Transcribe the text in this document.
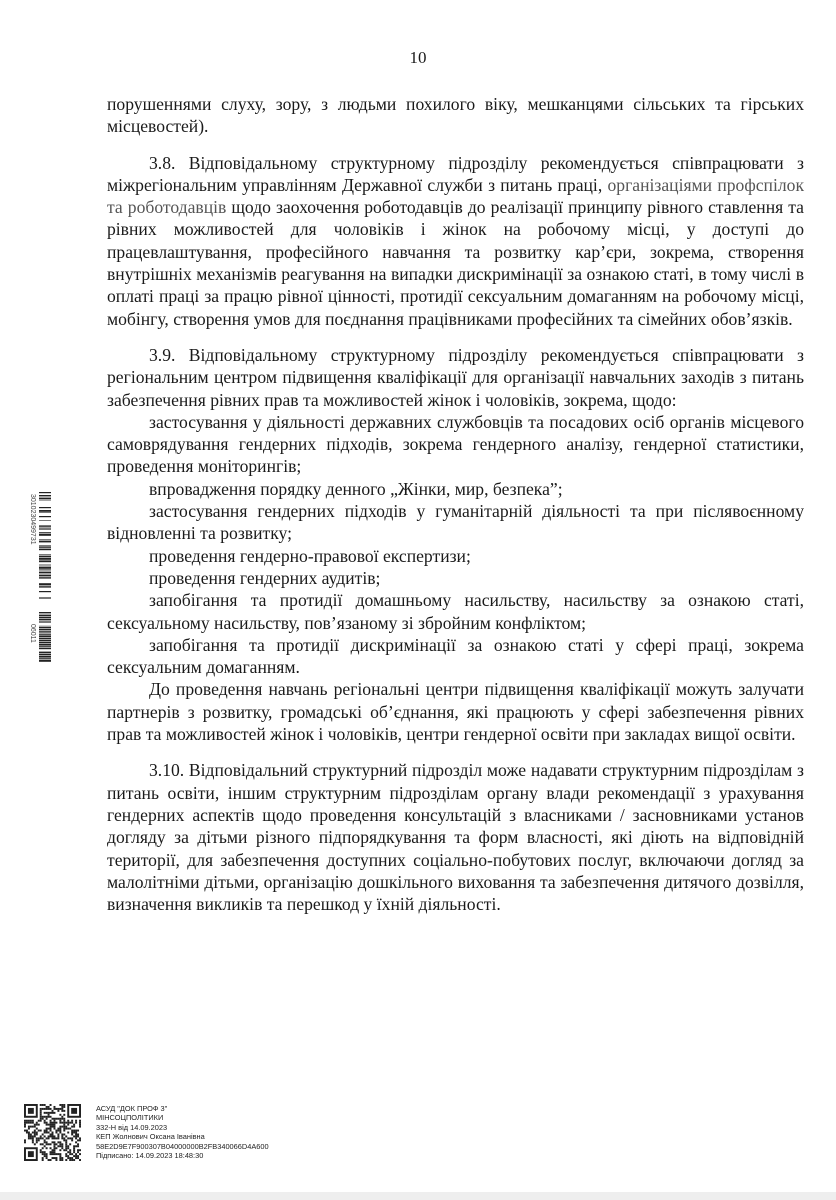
10

порушеннями слуху, зору, з людьми похилого віку, мешканцями сільських та гірських місцевостей).

3.8. Відповідальному структурному підрозділу рекомендується співпрацювати з міжрегіональним управлінням Державної служби з питань праці, організаціями профспілок та роботодавців щодо заохочення роботодавців до реалізації принципу рівного ставлення та рівних можливостей для чоловіків і жінок на робочому місці, у доступі до працевлаштування, професійного навчання та розвитку кар’єри, зокрема, створення внутрішніх механізмів реагування на випадки дискримінації за ознакою статі, в тому числі в оплаті праці за працю рівної цінності, протидії сексуальним домаганням на робочому місці, мобінгу, створення умов для поєднання працівниками професійних та сімейних обов’язків.

3.9. Відповідальному структурному підрозділу рекомендується співпрацювати з регіональним центром підвищення кваліфікації для організації навчальних заходів з питань забезпечення рівних прав та можливостей жінок і чоловіків, зокрема, щодо:

застосування у діяльності державних службовців та посадових осіб органів місцевого самоврядування гендерних підходів, зокрема гендерного аналізу, гендерної статистики, проведення моніторингів;

впровадження порядку денного „Жінки, мир, безпека”;

застосування гендерних підходів у гуманітарній діяльності та при післявоєнному відновленні та розвитку;

проведення гендерно-правової експертизи;

проведення гендерних аудитів;

запобігання та протидії домашньому насильству, насильству за ознакою статі, сексуальному насильству, пов’язаному зі збройним конфліктом;

запобігання та протидії дискримінації за ознакою статі у сфері праці, зокрема сексуальним домаганням.

До проведення навчань регіональні центри підвищення кваліфікації можуть залучати партнерів з розвитку, громадські об’єднання, які працюють у сфері забезпечення рівних прав та можливостей жінок і чоловіків, центри гендерної освіти при закладах вищої освіти.

3.10. Відповідальний структурний підрозділ може надавати структурним підрозділам з питань освіти, іншим структурним підрозділам органу влади рекомендації з урахування гендерних аспектів щодо проведення консультацій з власниками / засновниками установ догляду за дітьми різного підпорядкування та форм власності, які діють на відповідній території, для забезпечення доступних соціально-побутових послуг, включаючи догляд за малолітніми дітьми, організацію дошкільного виховання та забезпечення дитячого дозвілля, визначення викликів та перешкод у їхній діяльності.

3010230499731
06011
АСУД "ДОК ПРОФ 3"
МІНСОЦПОЛІТИКИ
332-Н від 14.09.2023
КЕП Жолнович Оксана Іванівна
58E2D9E7F900307B04000000B2FB340066D4A600
Підписано: 14.09.2023 18:48:30
